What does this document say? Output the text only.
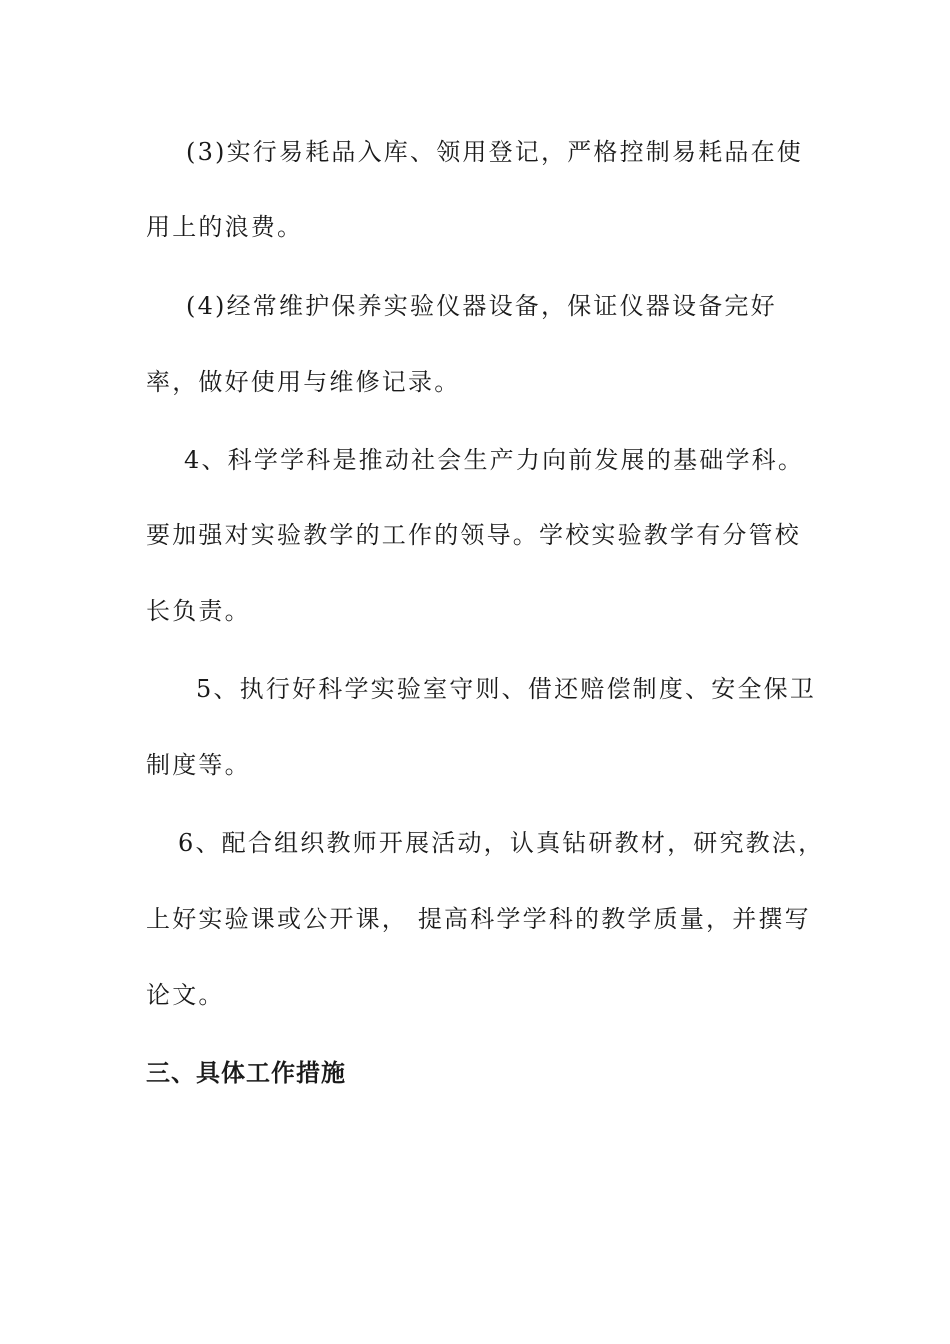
(3)实行易耗品入库、领用登记，严格控制易耗品在使
用上的浪费。
(4)经常维护保养实验仪器设备，保证仪器设备完好
率，做好使用与维修记录。
4、科学学科是推动社会生产力向前发展的基础学科。
要加强对实验教学的工作的领导。学校实验教学有分管校
长负责。
5、执行好科学实验室守则、借还赔偿制度、安全保卫
制度等。
6、配合组织教师开展活动，认真钻研教材，研究教法，
上好实验课或公开课， 提高科学学科的教学质量，并撰写
论文。
三、具体工作措施
